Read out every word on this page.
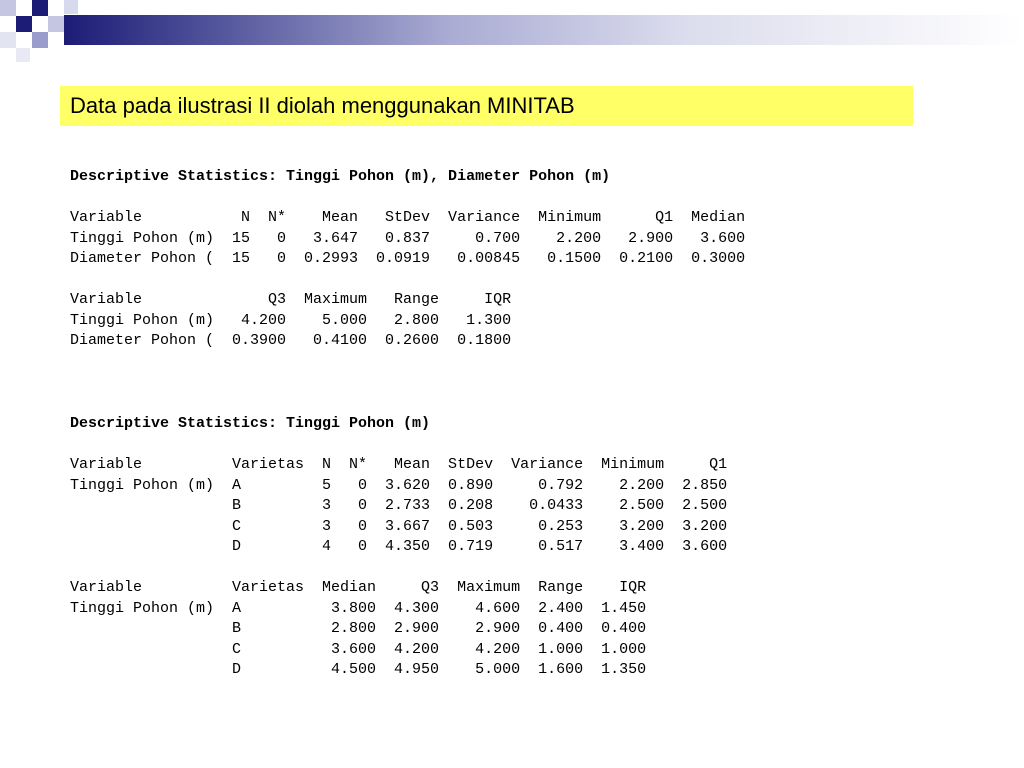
Data pada ilustrasi II diolah menggunakan MINITAB
Descriptive Statistics: Tinggi Pohon (m), Diameter Pohon (m)
Variable           N  N*    Mean   StDev  Variance  Minimum      Q1  Median
Tinggi Pohon (m)  15   0   3.647   0.837     0.700    2.200   2.900   3.600
Diameter Pohon (  15   0  0.2993  0.0919   0.00845   0.1500  0.2100  0.3000
Variable              Q3  Maximum   Range     IQR
Tinggi Pohon (m)   4.200    5.000   2.800   1.300
Diameter Pohon (  0.3900   0.4100  0.2600  0.1800
Descriptive Statistics: Tinggi Pohon (m)
Variable          Varietas  N  N*   Mean  StDev  Variance  Minimum     Q1
Tinggi Pohon (m)  A         5   0  3.620  0.890     0.792    2.200  2.850
B         3   0  2.733  0.208    0.0433    2.500  2.500
C         3   0  3.667  0.503     0.253    3.200  3.200
D         4   0  4.350  0.719     0.517    3.400  3.600
Variable          Varietas  Median     Q3  Maximum  Range    IQR
Tinggi Pohon (m)  A          3.800  4.300    4.600  2.400  1.450
B          2.800  2.900    2.900  0.400  0.400
C          3.600  4.200    4.200  1.000  1.000
D          4.500  4.950    5.000  1.600  1.350
